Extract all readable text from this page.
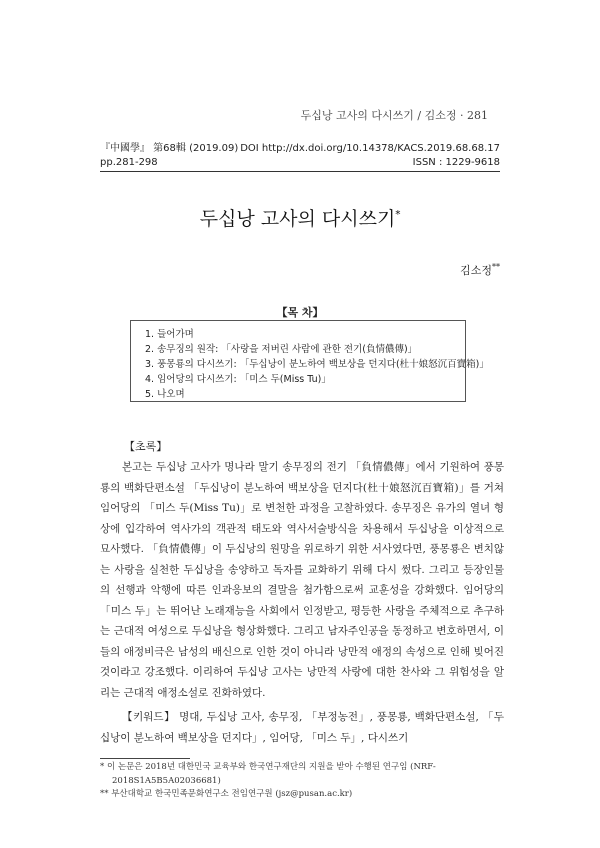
두십낭 고사의 다시쓰기 / 김소정 · 281
『中國學』 第68輯 (2019.09) DOI http://dx.doi.org/10.14378/KACS.2019.68.68.17
pp.281-298	ISSN : 1229-9618
두십낭 고사의 다시쓰기*
김소정**
【목 차】
1. 들어가며
2. 송무징의 원작: 「사랑을 저버린 사람에 관한 전기(負情儂傳)」
3. 풍몽룡의 다시쓰기: 「두십낭이 분노하여 백보상을 던지다(杜十娘怒沉百寶箱)」
4. 임어당의 다시쓰기: 「미스 두(Miss Tu)」
5. 나오며
【초록】

본고는 두십낭 고사가 명나라 말기 송무징의 전기 「負情儂傳」에서 기원하여 풍몽룡의 백화단편소설 「두십낭이 분노하여 백보상을 던지다(杜十娘怒沉百寶箱)」를 거쳐 임어당의 「미스 두(Miss Tu)」로 변천한 과정을 고찰하였다. 송무징은 유가의 열녀 형상에 입각하여 역사가의 객관적 태도와 역사서술방식을 차용해서 두십낭을 이상적으로 묘사했다. 「負情儂傳」이 두십낭의 원망을 위로하기 위한 서사였다면, 풍몽룡은 변치않는 사랑을 실천한 두십낭을 송양하고 독자를 교화하기 위해 다시 썼다. 그리고 등장인물의 선행과 악행에 따른 인과응보의 결말을 첨가함으로써 교훈성을 강화했다. 임어당의 「미스 두」는 뛰어난 노래재능을 사회에서 인정받고, 평등한 사랑을 주체적으로 추구하는 근대적 여성으로 두십낭을 형상화했다. 그리고 남자주인공을 동정하고 변호하면서, 이들의 애정비극은 남성의 배신으로 인한 것이 아니라 낭만적 애정의 속성으로 인해 빚어진 것이라고 강조했다. 이리하여 두십낭 고사는 낭만적 사랑에 대한 찬사와 그 위험성을 알리는 근대적 애정소설로 진화하였다.

【키워드】 명대, 두십낭 고사, 송무징, 「부정농전」, 풍몽룡, 백화단편소설, 「두십낭이 분노하여 백보상을 던지다」, 임어당, 「미스 두」, 다시쓰기

* 이 논문은 2018년 대한민국 교육부와 한국연구재단의 지원을 받아 수행된 연구임 (NRF-2018S1A5B5A02036681)
** 부산대학교 한국민족문화연구소 전임연구원 (jsz@pusan.ac.kr)
